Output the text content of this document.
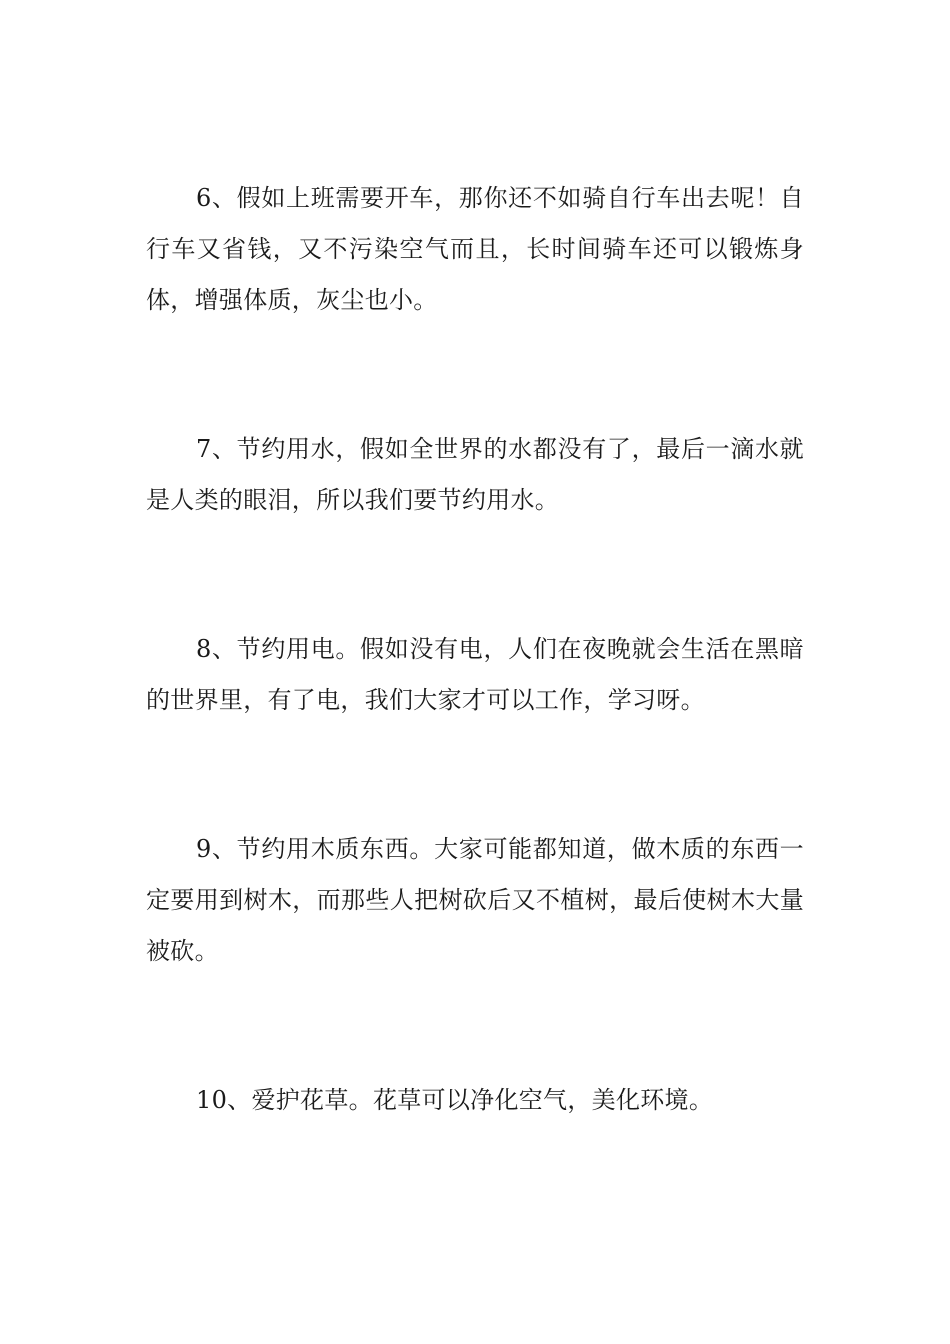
6、假如上班需要开车，那你还不如骑自行车出去呢！自行车又省钱，又不污染空气而且，长时间骑车还可以锻炼身体，增强体质，灰尘也小。

7、节约用水，假如全世界的水都没有了，最后一滴水就是人类的眼泪，所以我们要节约用水。

8、节约用电。假如没有电，人们在夜晚就会生活在黑暗的世界里，有了电，我们大家才可以工作，学习呀。

9、节约用木质东西。大家可能都知道，做木质的东西一定要用到树木，而那些人把树砍后又不植树，最后使树木大量被砍。

10、爱护花草。花草可以净化空气，美化环境。
